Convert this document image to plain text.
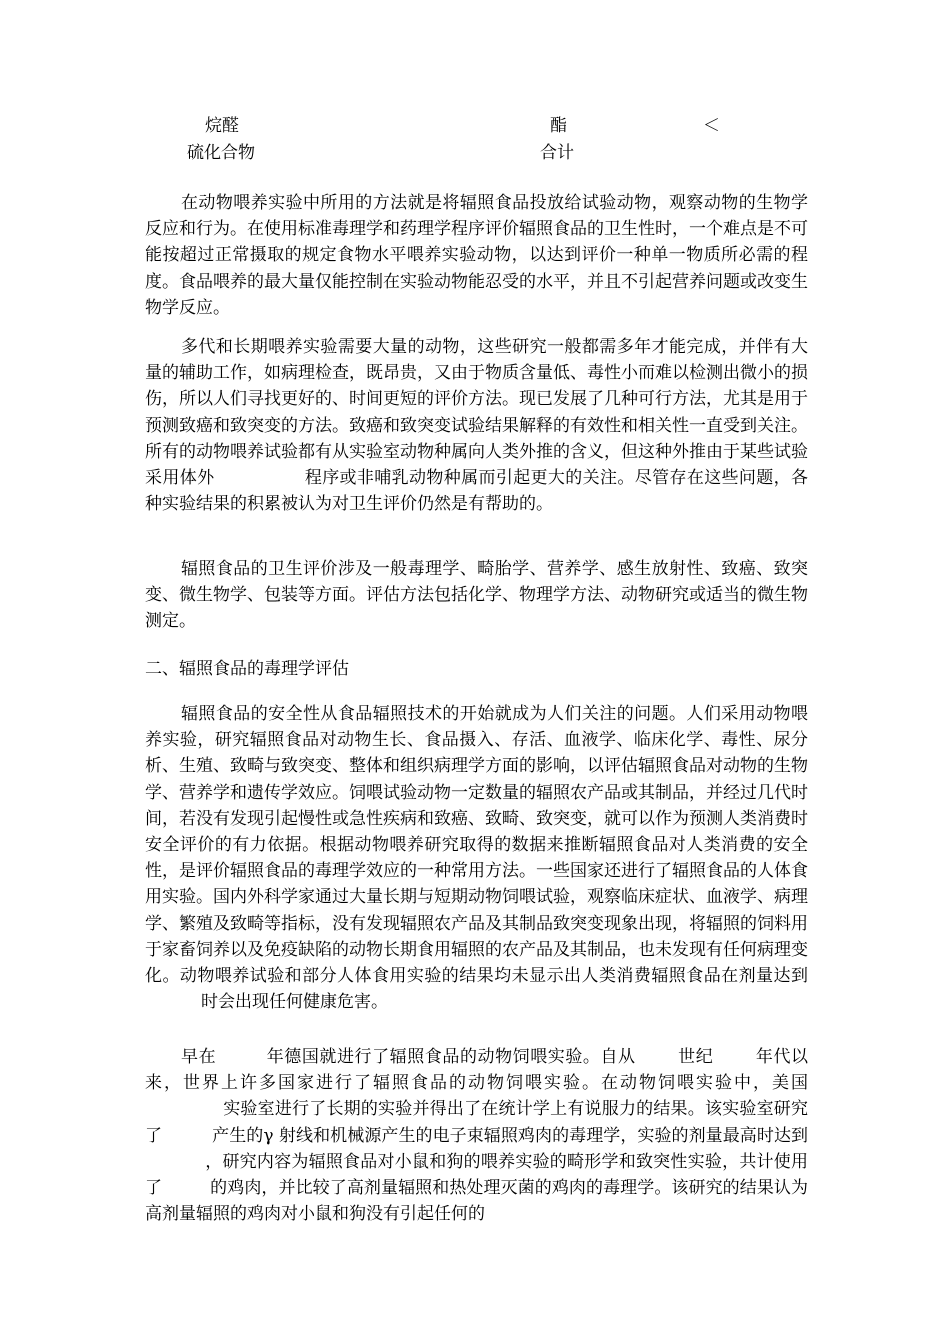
烷醛	酯	＜
硫化合物	合计

在动物喂养实验中所用的方法就是将辐照食品投放给试验动物，观察动物的生物学反应和行为。在使用标准毒理学和药理学程序评价辐照食品的卫生性时，一个难点是不可能按超过正常摄取的规定食物水平喂养实验动物，以达到评价一种单一物质所必需的程度。食品喂养的最大量仅能控制在实验动物能忍受的水平，并且不引起营养问题或改变生物学反应。

多代和长期喂养实验需要大量的动物，这些研究一般都需多年才能完成，并伴有大量的辅助工作，如病理检查，既昂贵，又由于物质含量低、毒性小而难以检测出微小的损伤，所以人们寻找更好的、时间更短的评价方法。现已发展了几种可行方法，尤其是用于预测致癌和致突变的方法。致癌和致突变试验结果解释的有效性和相关性一直受到关注。所有的动物喂养试验都有从实验室动物种属向人类外推的含义，但这种外推由于某些试验采用体外	程序或非哺乳动物种属而引起更大的关注。尽管存在这些问题，各种实验结果的积累被认为对卫生评价仍然是有帮助的。

辐照食品的卫生评价涉及一般毒理学、畸胎学、营养学、感生放射性、致癌、致突变、微生物学、包装等方面。评估方法包括化学、物理学方法、动物研究或适当的微生物测定。

二、辐照食品的毒理学评估

辐照食品的安全性从食品辐照技术的开始就成为人们关注的问题。人们采用动物喂养实验，研究辐照食品对动物生长、食品摄入、存活、血液学、临床化学、毒性、尿分析、生殖、致畸与致突变、整体和组织病理学方面的影响，以评估辐照食品对动物的生物学、营养学和遗传学效应。饲喂试验动物一定数量的辐照农产品或其制品，并经过几代时间，若没有发现引起慢性或急性疾病和致癌、致畸、致突变，就可以作为预测人类消费时安全评价的有力依据。根据动物喂养研究取得的数据来推断辐照食品对人类消费的安全性，是评价辐照食品的毒理学效应的一种常用方法。一些国家还进行了辐照食品的人体食用实验。国内外科学家通过大量长期与短期动物饲喂试验，观察临床症状、血液学、病理学、繁殖及致畸等指标，没有发现辐照农产品及其制品致突变现象出现，将辐照的饲料用于家畜饲养以及免疫缺陷的动物长期食用辐照的农产品及其制品，也未发现有任何病理变化。动物喂养试验和部分人体食用实验的结果均未显示出人类消费辐照食品在剂量达到时会出现任何健康危害。

早在	年德国就进行了辐照食品的动物饲喂实验。自从 世纪 年代以来，世界上许多国家进行了辐照食品的动物饲喂实验。在动物饲喂实验中，美国实验室进行了长期的实验并得出了在统计学上有说服力的结果。该实验室研究了	产生的γ 射线和机械源产生的电子束辐照鸡肉的毒理学，实验的剂量最高时达到，研究内容为辐照食品对小鼠和狗的喂养实验的畸形学和致突性实验，共计使用了	的鸡肉，并比较了高剂量辐照和热处理灭菌的鸡肉的毒理学。该研究的结果认为高剂量辐照的鸡肉对小鼠和狗没有引起任何的
